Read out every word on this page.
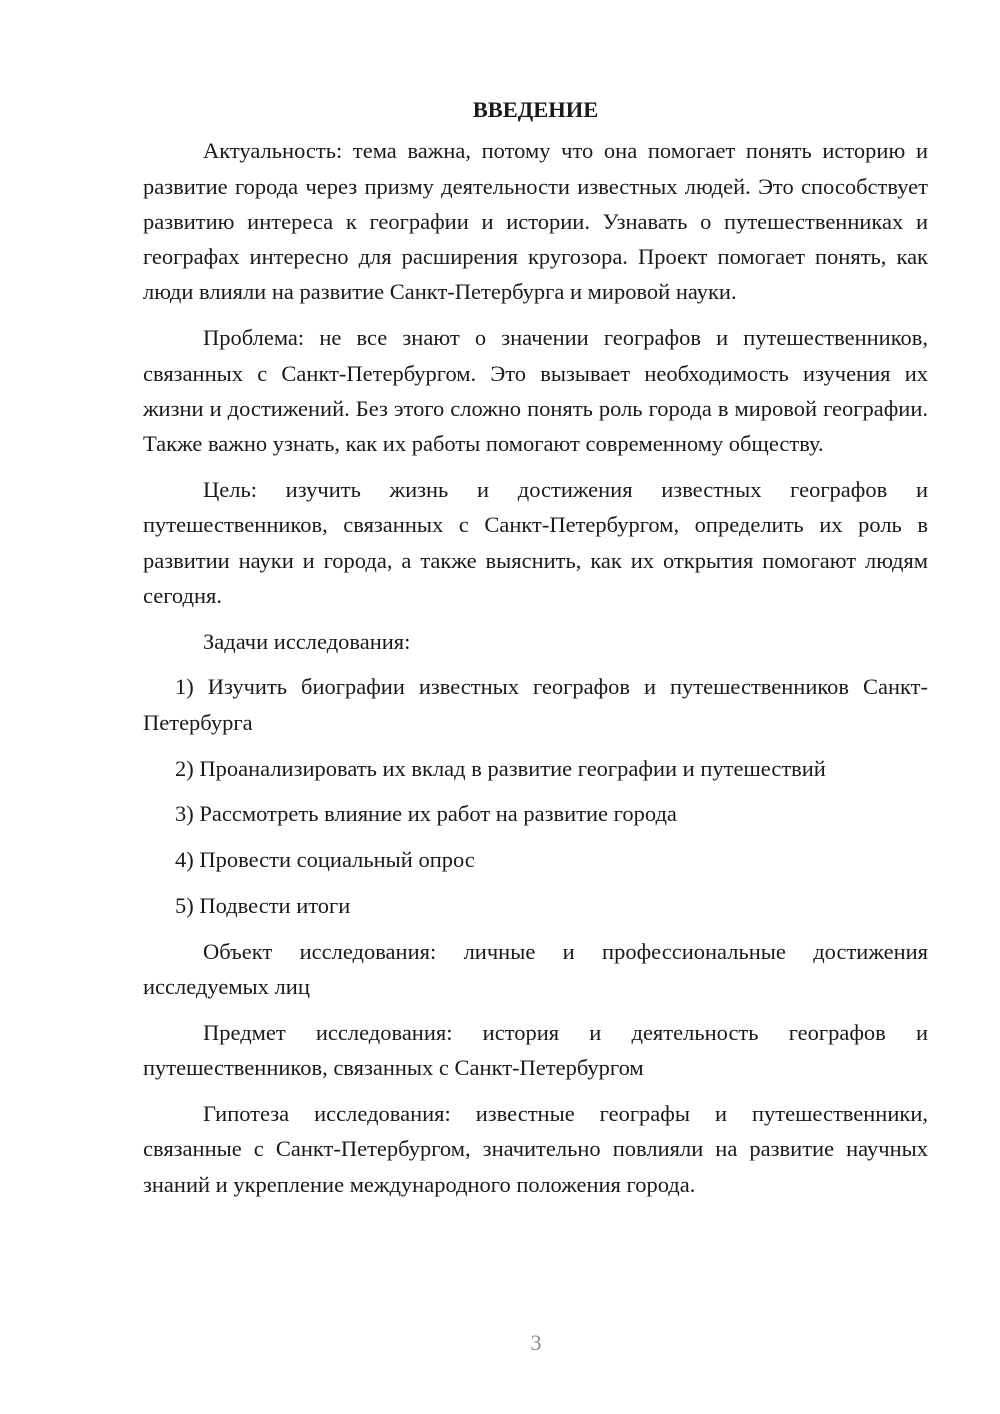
ВВЕДЕНИЕ

Актуальность: тема важна, потому что она помогает понять историю и развитие города через призму деятельности известных людей. Это способствует развитию интереса к географии и истории. Узнавать о путешественниках и географах интересно для расширения кругозора. Проект помогает понять, как люди влияли на развитие Санкт-Петербурга и мировой науки.

Проблема: не все знают о значении географов и путешественников, связанных с Санкт-Петербургом. Это вызывает необходимость изучения их жизни и достижений. Без этого сложно понять роль города в мировой географии. Также важно узнать, как их работы помогают современному обществу.

Цель: изучить жизнь и достижения известных географов и путешественников, связанных с Санкт-Петербургом, определить их роль в развитии науки и города, а также выяснить, как их открытия помогают людям сегодня.

Задачи исследования:

1) Изучить биографии известных географов и путешественников Санкт-Петербурга

2) Проанализировать их вклад в развитие географии и путешествий

3) Рассмотреть влияние их работ на развитие города

4) Провести социальный опрос

5) Подвести итоги

Объект исследования: личные и профессиональные достижения исследуемых лиц

Предмет исследования: история и деятельность географов и путешественников, связанных с Санкт-Петербургом

Гипотеза исследования: известные географы и путешественники, связанные с Санкт-Петербургом, значительно повлияли на развитие научных знаний и укрепление международного положения города.

3
